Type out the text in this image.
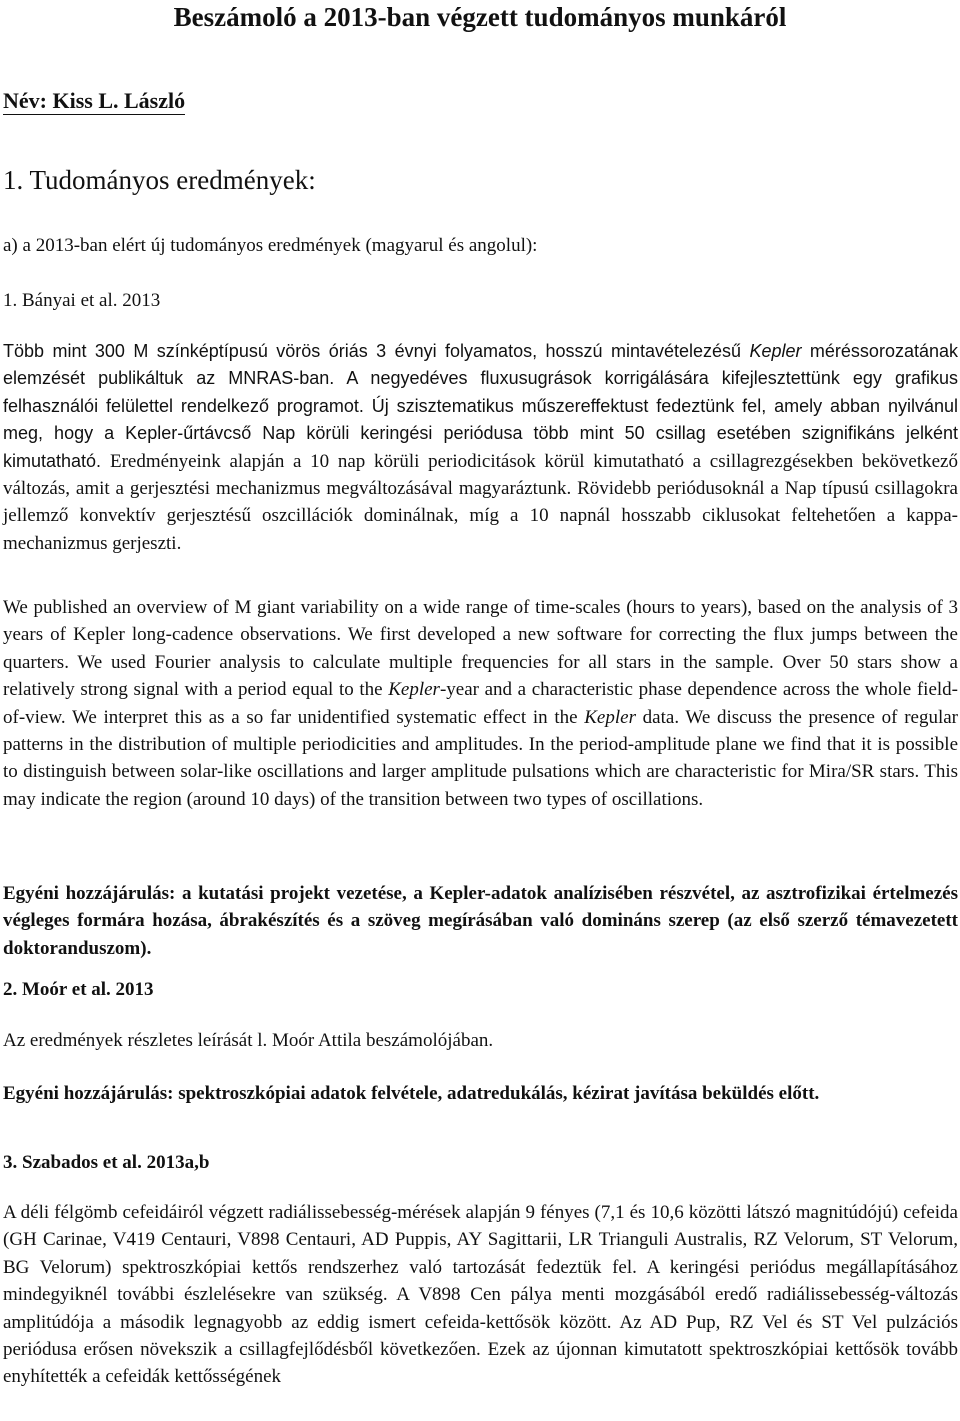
Beszámoló a 2013-ban végzett tudományos munkáról
Név: Kiss L. László
1. Tudományos eredmények:
a) a 2013-ban elért új tudományos eredmények (magyarul és angolul):
1. Bányai et al. 2013

Több mint 300 M színképtípusú vörös óriás 3 évnyi folyamatos, hosszú mintavételezésű Kepler méréssorozatának elemzését publikáltuk az MNRAS-ban. A negyedéves fluxusugrások korrigálására kifejlesztettünk egy grafikus felhasználói felülettel rendelkező programot. Új szisztematikus műszereffektust fedeztünk fel, amely abban nyilvánul meg, hogy a Kepler-űrtávcső Nap körüli keringési periódusa több mint 50 csillag esetében szignifikáns jelként kimutatható. Eredményeink alapján a 10 nap körüli periodicitások körül kimutatható a csillagrezgésekben bekövetkező változás, amit a gerjesztési mechanizmus megváltozásával magyaráztunk. Rövidebb periódusoknál a Nap típusú csillagokra jellemző konvektív gerjesztésű oszcillációk dominálnak, míg a 10 napnál hosszabb ciklusokat feltehetően a kappa-mechanizmus gerjeszti.

We published an overview of M giant variability on a wide range of time-scales (hours to years), based on the analysis of 3 years of Kepler long-cadence observations. We first developed a new software for correcting the flux jumps between the quarters. We used Fourier analysis to calculate multiple frequencies for all stars in the sample. Over 50 stars show a relatively strong signal with a period equal to the Kepler-year and a characteristic phase dependence across the whole field-of-view. We interpret this as a so far unidentified systematic effect in the Kepler data. We discuss the presence of regular patterns in the distribution of multiple periodicities and amplitudes. In the period-amplitude plane we find that it is possible to distinguish between solar-like oscillations and larger amplitude pulsations which are characteristic for Mira/SR stars. This may indicate the region (around 10 days) of the transition between two types of oscillations.

Egyéni hozzájárulás: a kutatási projekt vezetése, a Kepler-adatok analízisében részvétel, az asztrofizikai értelmezés végleges formára hozása, ábrakészítés és a szöveg megírásában való domináns szerep (az első szerző témavezetett doktoranduszom).

2. Moór et al. 2013
Az eredmények részletes leírását l. Moór Attila beszámolójában.

Egyéni hozzájárulás: spektroszkópiai adatok felvétele, adatredukálás, kézirat javítása beküldés előtt.

3. Szabados et al. 2013a,b

A déli félgömb cefeidáiról végzett radiálissebesség-mérések alapján 9 fényes (7,1 és 10,6 közötti látszó magnitúdójú) cefeida (GH Carinae, V419 Centauri, V898 Centauri, AD Puppis, AY Sagittarii, LR Trianguli Australis, RZ Velorum, ST Velorum, BG Velorum) spektroszkópiai kettős rendszerhez való tartozását fedeztük fel. A keringési periódus megállapításához mindegyiknél további észlelésekre van szükség. A V898 Cen pálya menti mozgásából eredő radiálissebesség-változás amplitúdója a második legnagyobb az eddig ismert cefeida-kettősök között. Az AD Pup, RZ Vel és ST Vel pulzációs periódusa erősen növekszik a csillagfejlődésből következően. Ezek az újonnan kimutatott spektroszkópiai kettősök tovább enyhítették a cefeidák kettősségének
